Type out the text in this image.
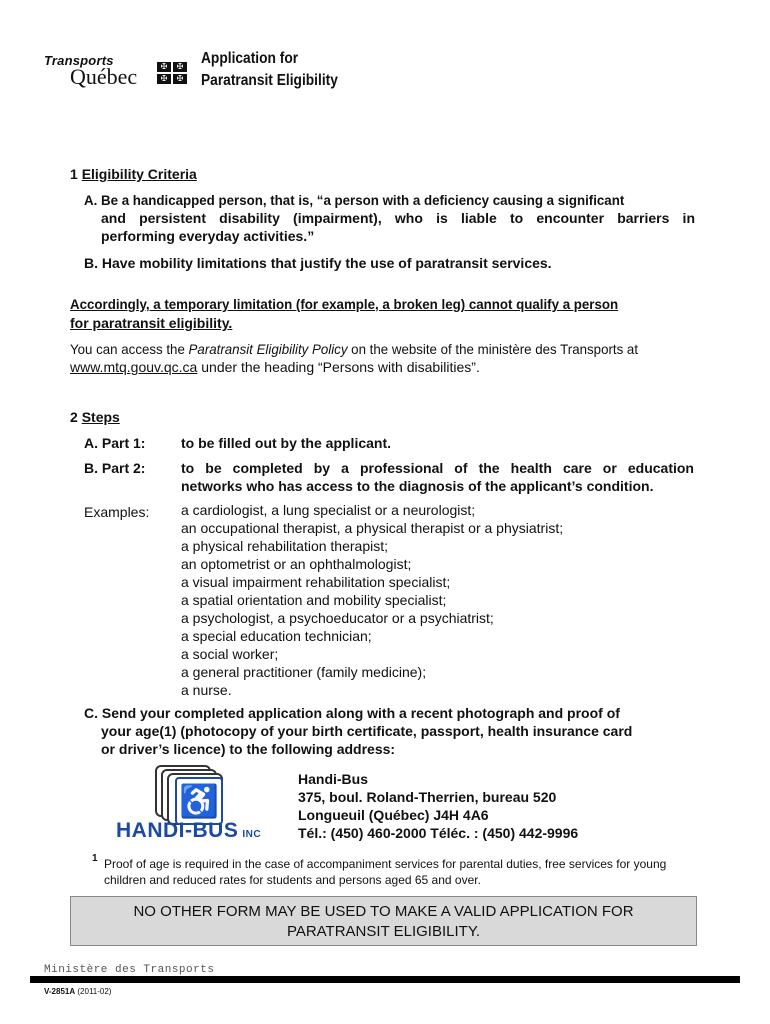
Transports
Québec	✠	✠
✠	✠
Application for
Paratransit Eligibility
1 Eligibility Criteria
A. Be a handicapped person, that is, “a person with a deficiency causing a significant
and persistent disability (impairment), who is liable to encounter barriers in
performing everyday activities.”
B. Have mobility limitations that justify the use of paratransit services.
Accordingly, a temporary limitation (for example, a broken leg) cannot qualify a person
for paratransit eligibility.
You can access the Paratransit Eligibility Policy on the website of the ministère des Transports at
www.mtq.gouv.qc.ca under the heading “Persons with disabilities”.
2 Steps
A. Part 1:	to be filled out by the applicant.
B. Part 2:	to be completed by a professional of the health care or education
networks who has access to the diagnosis of the applicant’s condition.
Examples: a cardiologist, a lung specialist or a neurologist;
an occupational therapist, a physical therapist or a physiatrist;
a physical rehabilitation therapist;
an optometrist or an ophthalmologist;
a visual impairment rehabilitation specialist;
a spatial orientation and mobility specialist;
a psychologist, a psychoeducator or a psychiatrist;
a special education technician;
a social worker;
a general practitioner (family medicine);
a nurse.
C. Send your completed application along with a recent photograph and proof of
your age(1) (photocopy of your birth certificate, passport, health insurance card
or driver’s licence) to the following address:
♿
HANDI-BUS INC
Handi-Bus
375, boul. Roland-Therrien, bureau 520
Longueuil (Québec) J4H 4A6
Tél.: (450) 460-2000 Téléc. : (450) 442-9996
1 Proof of age is required in the case of accompaniment services for parental duties, free services for young
children and reduced rates for students and persons aged 65 and over.
NO OTHER FORM MAY BE USED TO MAKE A VALID APPLICATION FOR
PARATRANSIT ELIGIBILITY.
Ministère des Transports
V-2851A (2011-02)
